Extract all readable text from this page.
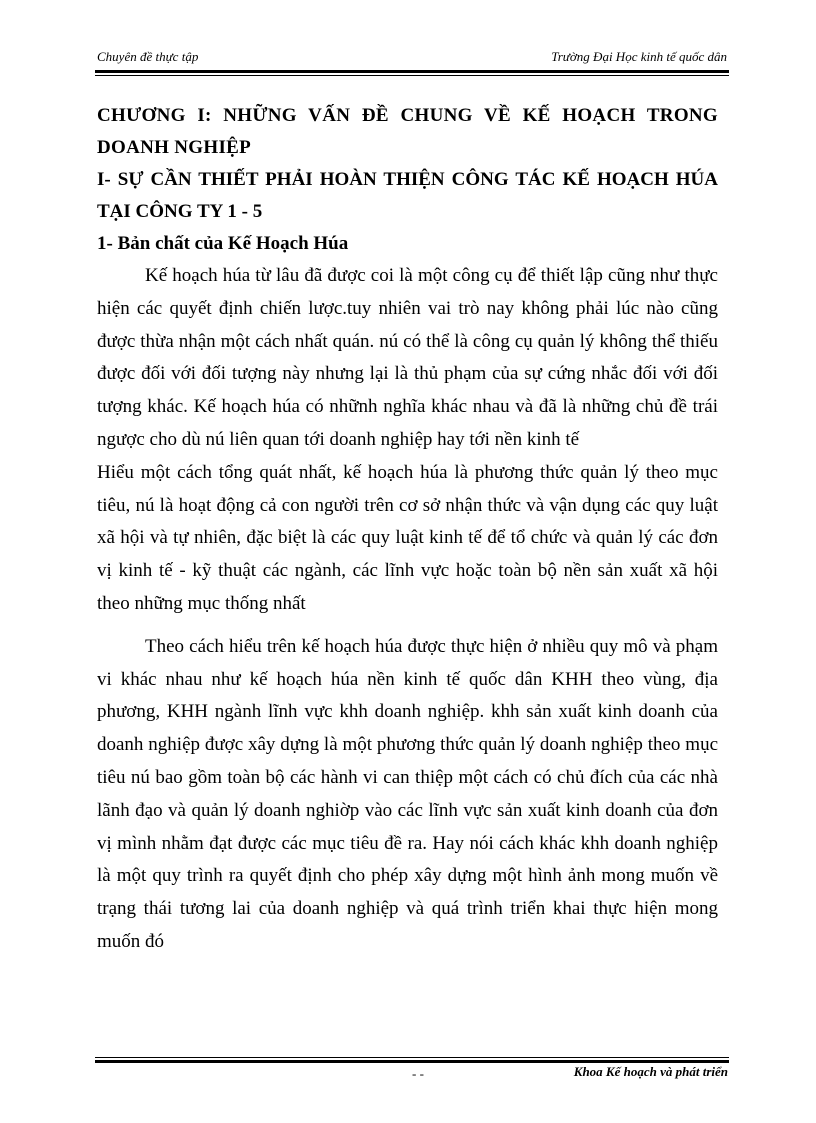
Chuyên đề thực tập	Trường Đại Học kinh tế quốc dân
CHƯƠNG I: NHỮNG VẤN ĐỀ CHUNG VỀ KẾ HOẠCH TRONG
DOANH NGHIỆP
I- SỰ CẦN THIẾT PHẢI HOÀN THIỆN CÔNG TÁC KẾ HOẠCH HÚA
TẠI CÔNG TY 1 - 5
1- Bản chất của Kế Hoạch Húa

Kế hoạch húa từ lâu đã được coi là một công cụ để thiết lập cũng như thực hiện các quyết định chiến lược.tuy nhiên vai trò nay không phải lúc nào cũng được thừa nhận một cách nhất quán. nú có thể là công cụ quản lý không thể thiếu được đối với đối tượng này nhưng lại là thủ phạm của sự cứng nhắc đối với đối tượng khác. Kế hoạch húa có nhữnh nghĩa khác nhau và đã là những chủ đề trái ngược cho dù nú liên quan tới doanh nghiệp hay tới nền kinh tế

Hiểu một cách tổng quát nhất, kế hoạch húa là phương thức quản lý theo mục tiêu, nú là hoạt động cả con người trên cơ sở nhận thức và vận dụng các quy luật xã hội và tự nhiên, đặc biệt là các quy luật kinh tế để tổ chức và quản lý các đơn vị kinh tế - kỹ thuật các ngành, các lĩnh vực hoặc toàn bộ nền sản xuất xã hội theo những mục thống nhất

Theo cách hiểu trên kế hoạch húa được thực hiện ở nhiều quy mô và phạm vi khác nhau như kế hoạch húa nền kinh tế quốc dân KHH theo vùng, địa phương, KHH ngành lĩnh vực khh doanh nghiệp. khh sản xuất kinh doanh của doanh nghiệp được xây dựng là một phương thức quản lý doanh nghiệp theo mục tiêu nú bao gồm toàn bộ các hành vi can thiệp một cách có chủ đích của các nhà lãnh đạo và quản lý doanh nghiờp vào các lĩnh vực sản xuất kinh doanh của đơn vị mình nhằm đạt được các mục tiêu đề ra. Hay nói cách khác khh doanh nghiệp là một quy trình ra quyết định cho phép xây dựng một hình ảnh mong muốn về trạng thái tương lai của doanh nghiệp và quá trình triển khai thực hiện mong muốn đó

- -	Khoa Kế hoạch và phát triển
